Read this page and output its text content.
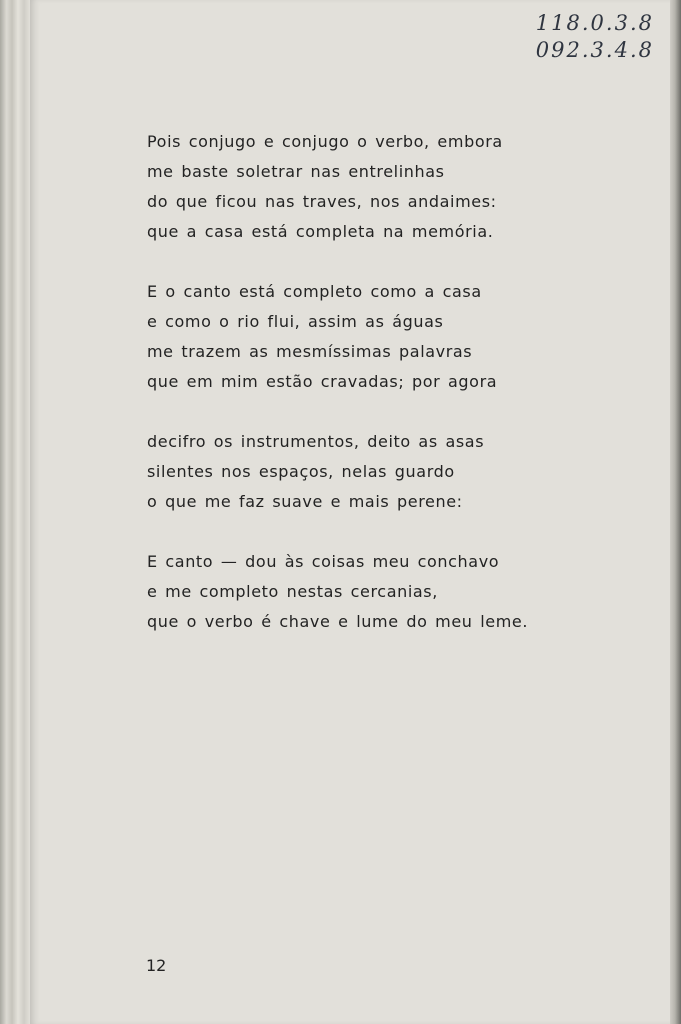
118.0.3.8
092.3.4.8
Pois conjugo e conjugo o verbo, embora
me baste soletrar nas entrelinhas
do que ficou nas traves, nos andaimes:
que a casa está completa na memória.
E o canto está completo como a casa
e como o rio flui, assim as águas
me trazem as mesmíssimas palavras
que em mim estão cravadas; por agora
decifro os instrumentos, deito as asas
silentes nos espaços, nelas guardo
o que me faz suave e mais perene:
E canto — dou às coisas meu conchavo
e me completo nestas cercanias,
que o verbo é chave e lume do meu leme.
12
